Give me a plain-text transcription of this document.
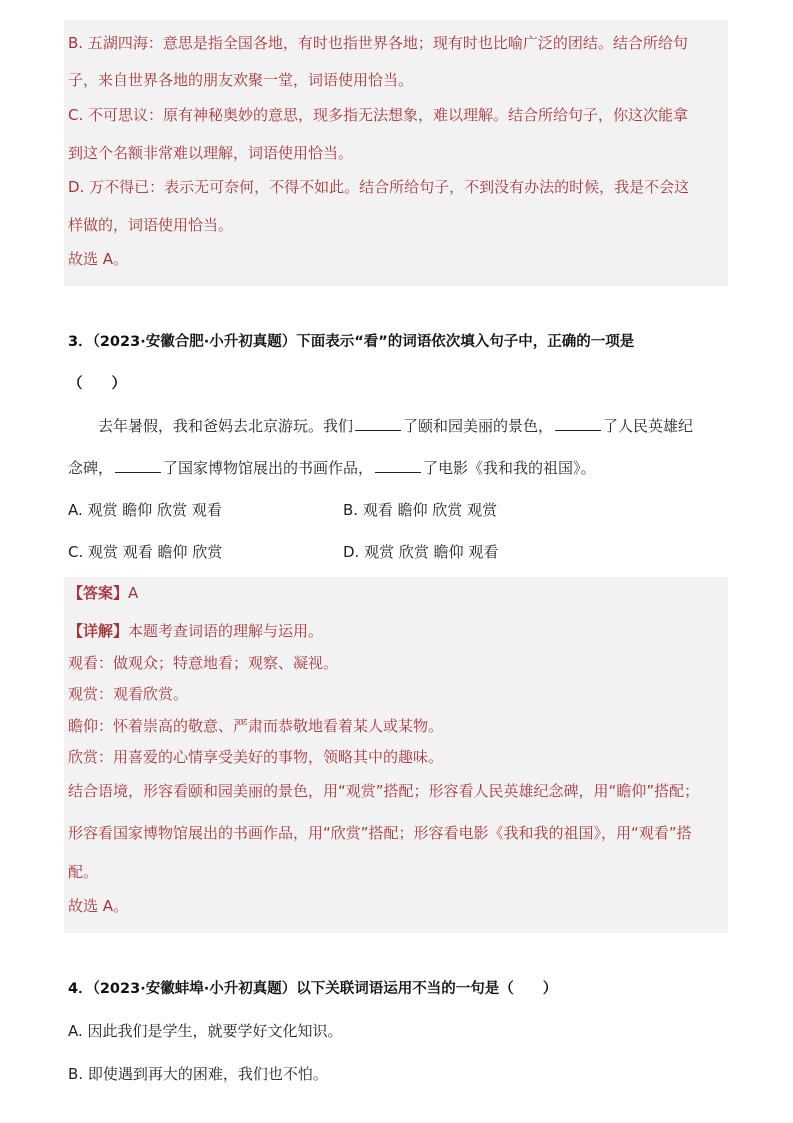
B. 五湖四海：意思是指全国各地，有时也指世界各地；现有时也比喻广泛的团结。结合所给句
子，来自世界各地的朋友欢聚一堂，词语使用恰当。
C. 不可思议：原有神秘奥妙的意思，现多指无法想象，难以理解。结合所给句子，你这次能拿
到这个名额非常难以理解，词语使用恰当。
D. 万不得已：表示无可奈何，不得不如此。结合所给句子，不到没有办法的时候，我是不会这
样做的，词语使用恰当。
故选 A。
3．（2023·安徽合肥·小升初真题）下面表示“看”的词语依次填入句子中，正确的一项是
（　　）
去年暑假，我和爸妈去北京游玩。我们	了颐和园美丽的景色，	了人民英雄纪
念碑，	了国家博物馆展出的书画作品，	了电影《我和我的祖国》。
A. 观赏 瞻仰 欣赏 观看	B. 观看 瞻仰 欣赏 观赏
C. 观赏 观看 瞻仰 欣赏	D. 观赏 欣赏 瞻仰 观看
【答案】A
【详解】本题考查词语的理解与运用。
观看：做观众；特意地看；观察、凝视。
观赏：观看欣赏。
瞻仰：怀着崇高的敬意、严肃而恭敬地看着某人或某物。
欣赏：用喜爱的心情享受美好的事物，领略其中的趣味。
结合语境，形容看颐和园美丽的景色，用“观赏”搭配；形容看人民英雄纪念碑，用“瞻仰”搭配；
形容看国家博物馆展出的书画作品，用“欣赏”搭配；形容看电影《我和我的祖国》，用“观看”搭
配。
故选 A。
4．（2023·安徽蚌埠·小升初真题）以下关联词语运用不当的一句是（　　）
A. 因此我们是学生，就要学好文化知识。
B. 即使遇到再大的困难，我们也不怕。
